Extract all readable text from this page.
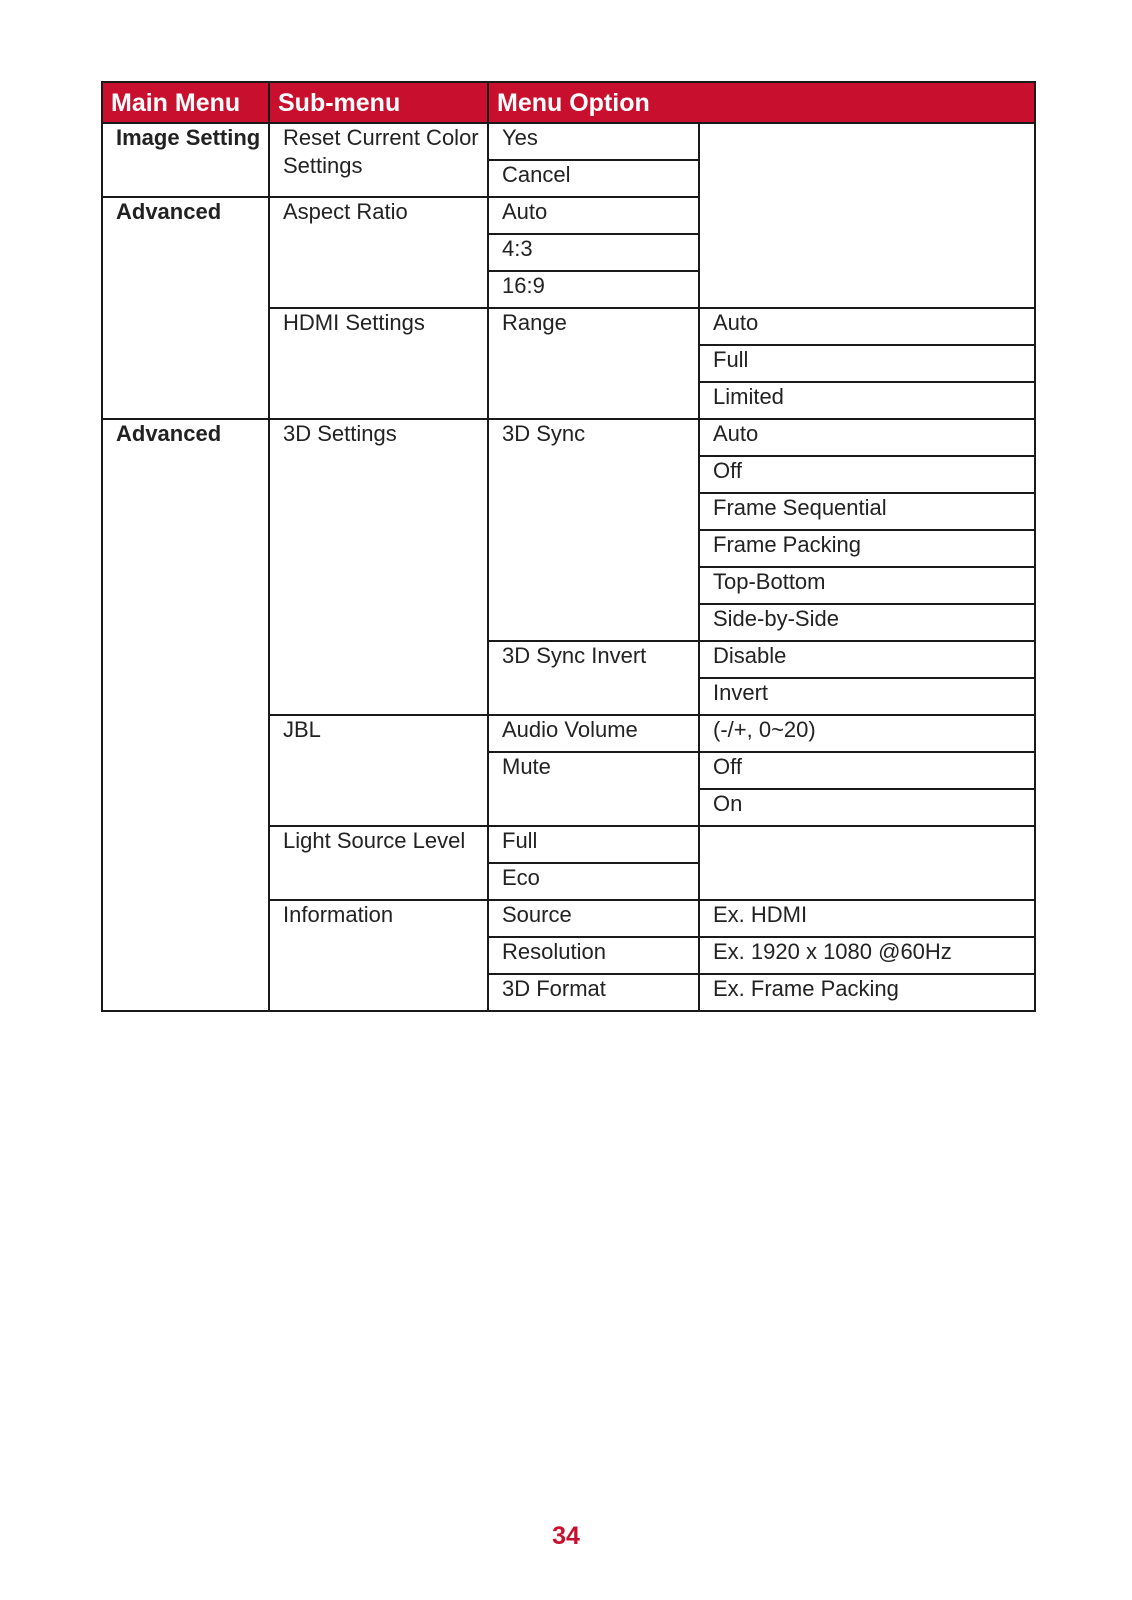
Main Menu	Sub-menu	Menu Option	
Image Setting	Reset Current Color Settings	Yes	
		Cancel	
Advanced	Aspect Ratio	Auto	
		4:3	
		16:9	
	HDMI Settings	Range	Auto
			Full
			Limited
Advanced	3D Settings	3D Sync	Auto
			Off
			Frame Sequential
			Frame Packing
			Top-Bottom
			Side-by-Side
		3D Sync Invert	Disable
			Invert
	JBL	Audio Volume	(-/+, 0~20)
		Mute	Off
			On
	Light Source Level	Full	
		Eco	
	Information	Source	Ex. HDMI
		Resolution	Ex. 1920 x 1080 @60Hz
		3D Format	Ex. Frame Packing
34
